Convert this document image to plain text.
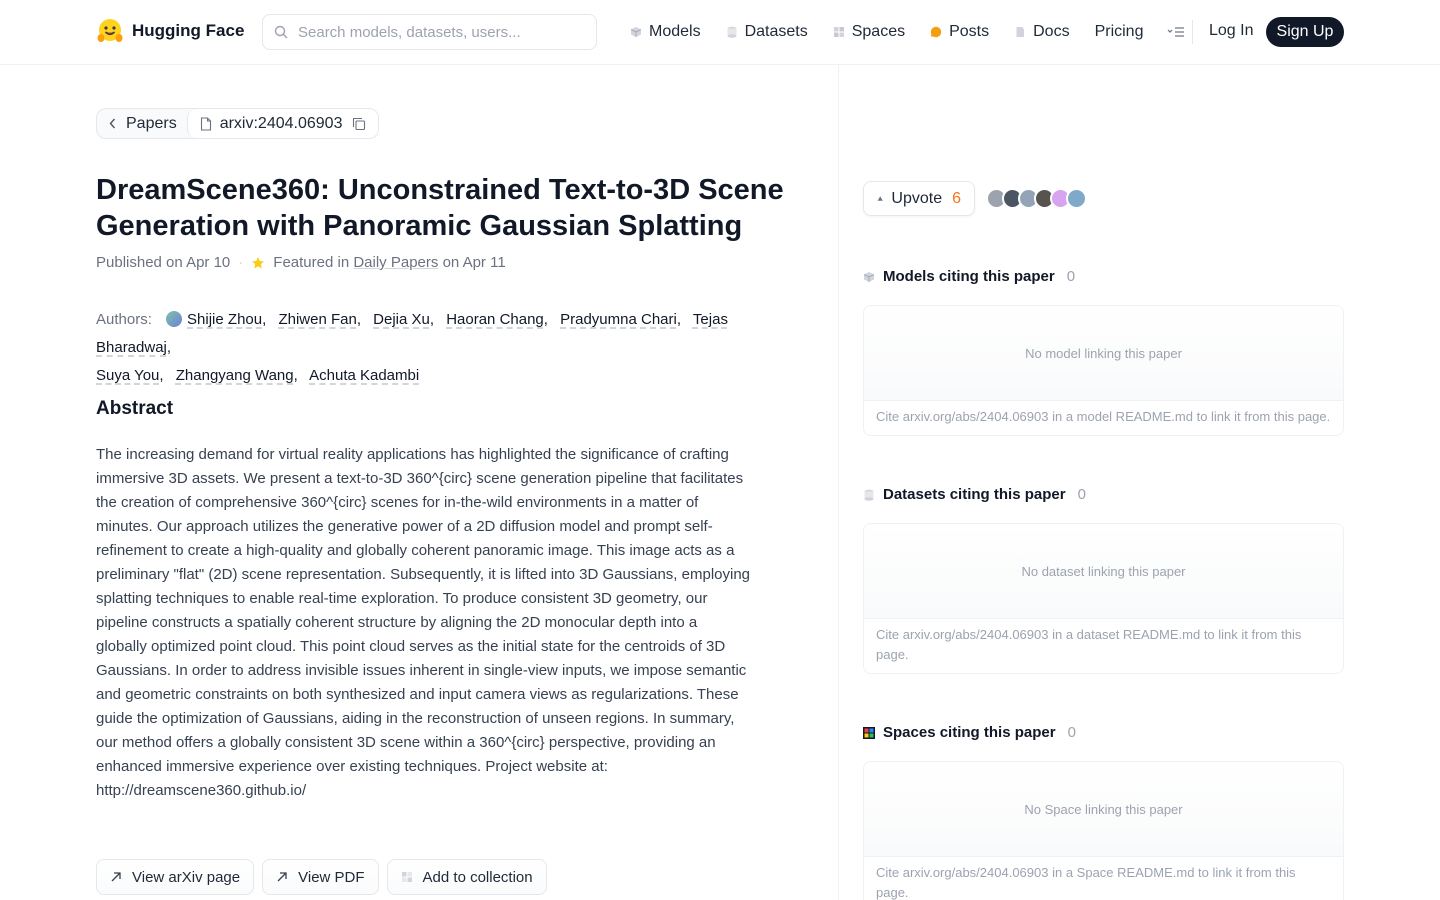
Hugging Face
Search models, datasets, users...	Models	Datasets	Spaces	Posts	Docs Pricing	Log In	Sign Up
Papers	arxiv:2404.06903
DreamScene360: Unconstrained Text-to-3D Scene Generation with Panoramic Gaussian Splatting
Published on Apr 10 · Featured in Daily Papers on Apr 11
Authors: Shijie Zhou, Zhiwen Fan, Dejia Xu, Haoran Chang, Pradyumna Chari, Tejas Bharadwaj,
Suya You, Zhangyang Wang, Achuta Kadambi
Abstract

The increasing demand for virtual reality applications has highlighted the significance of crafting immersive 3D assets. We present a text-to-3D 360^{circ} scene generation pipeline that facilitates the creation of comprehensive 360^{circ} scenes for in-the-wild environments in a matter of minutes. Our approach utilizes the generative power of a 2D diffusion model and prompt self-refinement to create a high-quality and globally coherent panoramic image. This image acts as a preliminary "flat" (2D) scene representation. Subsequently, it is lifted into 3D Gaussians, employing splatting techniques to enable real-time exploration. To produce consistent 3D geometry, our pipeline constructs a spatially coherent structure by aligning the 2D monocular depth into a globally optimized point cloud. This point cloud serves as the initial state for the centroids of 3D Gaussians. In order to address invisible issues inherent in single-view inputs, we impose semantic and geometric constraints on both synthesized and input camera views as regularizations. These guide the optimization of Gaussians, aiding in the reconstruction of unseen regions. In summary, our method offers a globally consistent 3D scene within a 360^{circ} perspective, providing an enhanced immersive experience over existing techniques. Project website at: http://dreamscene360.github.io/

View arXiv page	View PDF	Add to collection
Upvote 6
Models citing this paper 0
No model linking this paper
Cite arxiv.org/abs/2404.06903 in a model README.md to link it from this page.
Datasets citing this paper 0
No dataset linking this paper
Cite arxiv.org/abs/2404.06903 in a dataset README.md to link it from this page.
Spaces citing this paper 0
No Space linking this paper
Cite arxiv.org/abs/2404.06903 in a Space README.md to link it from this page.
